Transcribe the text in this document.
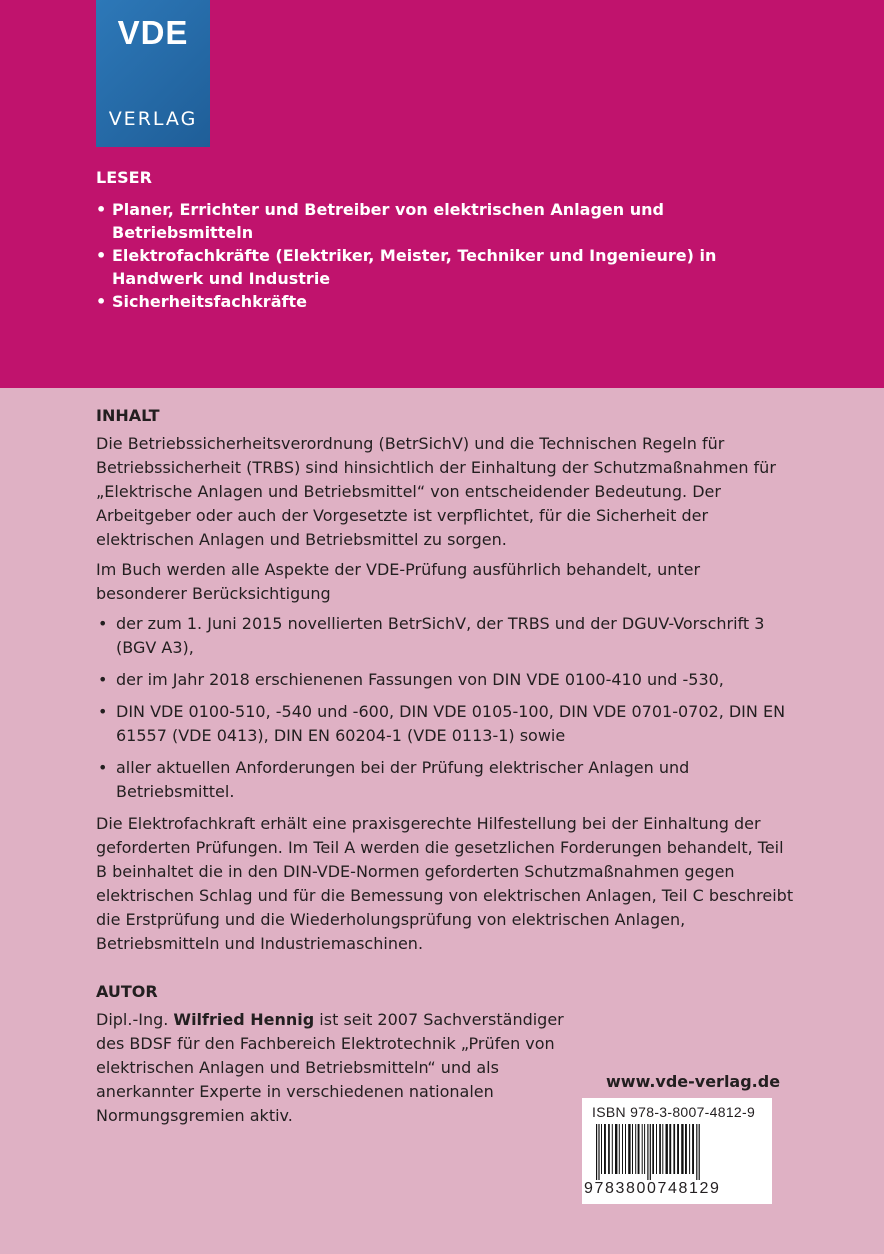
VDE
VERLAG
LESER
• Planer, Errichter und Betreiber von elektrischen Anlagen und Betriebsmitteln
• Elektrofachkräfte (Elektriker, Meister, Techniker und Ingenieure) in Handwerk und Industrie
• Sicherheitsfachkräfte
INHALT

Die Betriebssicherheitsverordnung (BetrSichV) und die Technischen Regeln für Betriebssicherheit (TRBS) sind hinsichtlich der Einhaltung der Schutzmaßnahmen für „Elektrische Anlagen und Betriebsmittel“ von entscheidender Bedeutung. Der Arbeitgeber oder auch der Vorgesetzte ist verpflichtet, für die Sicherheit der elektrischen Anlagen und Betriebsmittel zu sorgen.

Im Buch werden alle Aspekte der VDE-Prüfung ausführlich behandelt, unter besonderer Berücksichtigung

• der zum 1. Juni 2015 novellierten BetrSichV, der TRBS und der DGUV-Vorschrift 3 (BGV A3),
• der im Jahr 2018 erschienenen Fassungen von DIN VDE 0100-410 und -530,
• DIN VDE 0100-510, -540 und -600, DIN VDE 0105-100, DIN VDE 0701-0702, DIN EN 61557 (VDE 0413), DIN EN 60204-1 (VDE 0113-1) sowie
• aller aktuellen Anforderungen bei der Prüfung elektrischer Anlagen und Betriebsmittel.

Die Elektrofachkraft erhält eine praxisgerechte Hilfestellung bei der Einhaltung der geforderten Prüfungen. Im Teil A werden die gesetzlichen Forderungen behandelt, Teil B beinhaltet die in den DIN-VDE-Normen geforderten Schutzmaßnahmen gegen elektrischen Schlag und für die Bemessung von elektrischen Anlagen, Teil C beschreibt die Erstprüfung und die Wiederholungsprüfung von elektrischen Anlagen, Betriebsmitteln und Industriemaschinen.

AUTOR

Dipl.-Ing. Wilfried Hennig ist seit 2007 Sachverständiger des BDSF für den Fachbereich Elektrotechnik „Prüfen von elektrischen Anlagen und Betriebsmitteln“ und als anerkannter Experte in verschiedenen nationalen Normungsgremien aktiv.

www.vde-verlag.de
ISBN 978-3-8007-4812-9
9783800748129
